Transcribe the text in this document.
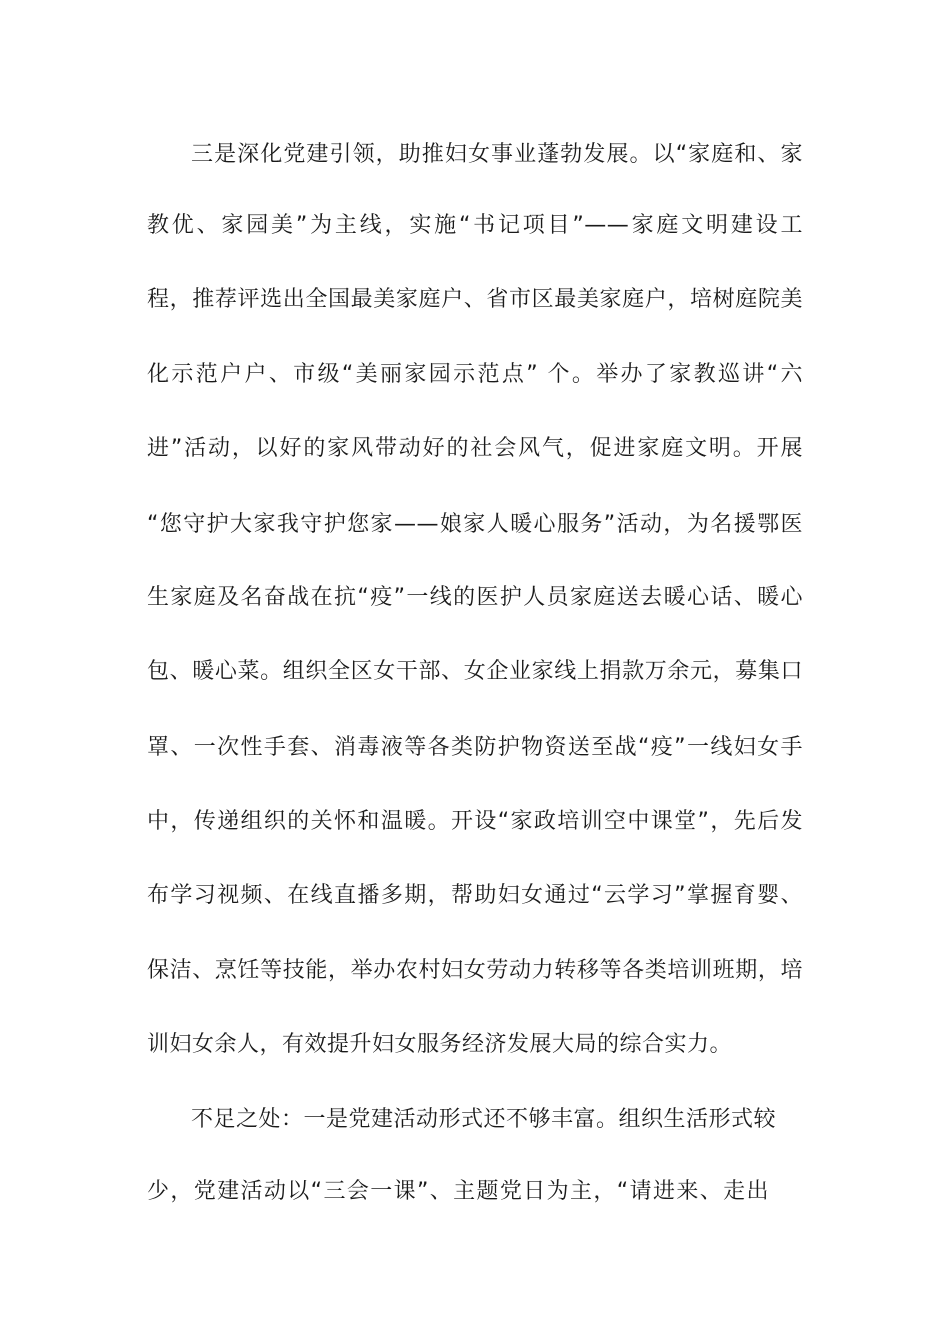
三是深化党建引领，助推妇女事业蓬勃发展。以“家庭和、家
教优、家园美”为主线，实施“书记项目”——家庭文明建设工
程，推荐评选出全国最美家庭户、省市区最美家庭户，培树庭院美
化示范户户、市级“美丽家园示范点” 个。举办了家教巡讲“六
进”活动，以好的家风带动好的社会风气，促进家庭文明。开展
“您守护大家我守护您家——娘家人暖心服务”活动，为名援鄂医
生家庭及名奋战在抗“疫”一线的医护人员家庭送去暖心话、暖心
包、暖心菜。组织全区女干部、女企业家线上捐款万余元，募集口
罩、一次性手套、消毒液等各类防护物资送至战“疫”一线妇女手
中，传递组织的关怀和温暖。开设“家政培训空中课堂”，先后发
布学习视频、在线直播多期，帮助妇女通过“云学习”掌握育婴、
保洁、烹饪等技能，举办农村妇女劳动力转移等各类培训班期，培
训妇女余人，有效提升妇女服务经济发展大局的综合实力。
不足之处：一是党建活动形式还不够丰富。组织生活形式较
少，党建活动以“三会一课”、主题党日为主，“请进来、走出
